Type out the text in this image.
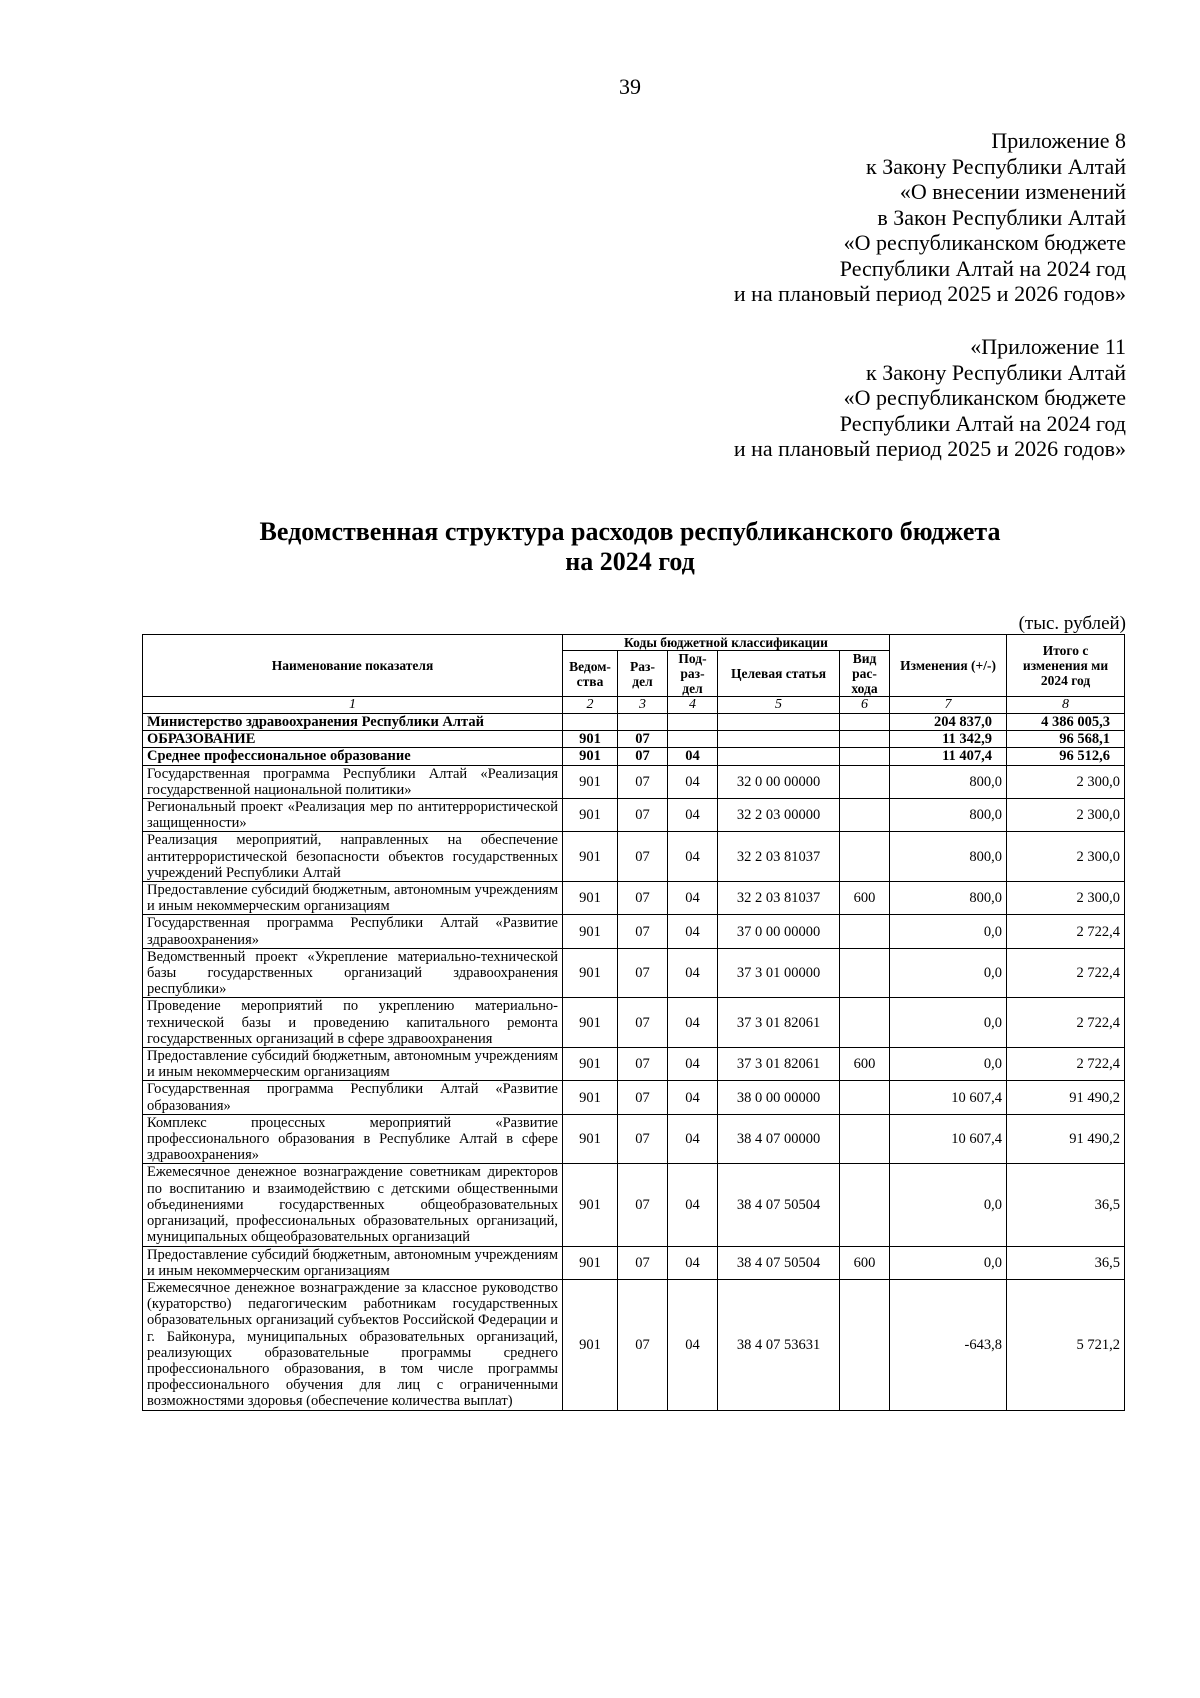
39
Приложение 8
к Закону Республики Алтай
«О внесении изменений
в Закон Республики Алтай
«О республиканском бюджете
Республики Алтай на 2024 год
и на плановый период 2025 и 2026 годов»
«Приложение 11
к Закону Республики Алтай
«О республиканском бюджете
Республики Алтай на 2024 год
и на плановый период 2025 и 2026 годов»
Ведомственная структура расходов республиканского бюджета
на 2024 год
(тыс. рублей)
Наименование показателя	Коды бюджетной классификации					Изменения (+/-)	Итого с изменения ми 2024 год
	Ведом-ства	Раз-дел	Под-раз-дел	Целевая статья	Вид рас-хода		
1	2	3	4	5	6	7	8
Министерство здравоохранения Республики Алтай						204 837,0	4 386 005,3
ОБРАЗОВАНИЕ	901	07				11 342,9	96 568,1
Среднее профессиональное образование	901	07	04			11 407,4	96 512,6
Государственная программа Республики Алтай «Реализация государственной национальной политики»	901	07	04	32 0 00 00000		800,0	2 300,0
Региональный проект «Реализация мер по антитеррористической защищенности»	901	07	04	32 2 03 00000		800,0	2 300,0
Реализация мероприятий, направленных на обеспечение антитеррористической безопасности объектов государственных учреждений Республики Алтай	901	07	04	32 2 03 81037		800,0	2 300,0
Предоставление субсидий бюджетным, автономным учреждениям и иным некоммерческим организациям	901	07	04	32 2 03 81037	600	800,0	2 300,0
Государственная программа Республики Алтай «Развитие здравоохранения»	901	07	04	37 0 00 00000		0,0	2 722,4
Ведомственный проект «Укрепление материально-технической базы государственных организаций здравоохранения республики»	901	07	04	37 3 01 00000		0,0	2 722,4
Проведение мероприятий по укреплению материально-технической базы и проведению капитального ремонта государственных организаций в сфере здравоохранения	901	07	04	37 3 01 82061		0,0	2 722,4
Предоставление субсидий бюджетным, автономным учреждениям и иным некоммерческим организациям	901	07	04	37 3 01 82061	600	0,0	2 722,4
Государственная программа Республики Алтай «Развитие образования»	901	07	04	38 0 00 00000		10 607,4	91 490,2
Комплекс процессных мероприятий «Развитие профессионального образования в Республике Алтай в сфере здравоохранения»	901	07	04	38 4 07 00000		10 607,4	91 490,2
Ежемесячное денежное вознаграждение советникам директоров по воспитанию и взаимодействию с детскими общественными объединениями государственных общеобразовательных организаций, профессиональных образовательных организаций, муниципальных общеобразовательных организаций	901	07	04	38 4 07 50504		0,0	36,5
Предоставление субсидий бюджетным, автономным учреждениям и иным некоммерческим организациям	901	07	04	38 4 07 50504	600	0,0	36,5
Ежемесячное денежное вознаграждение за классное руководство (кураторство) педагогическим работникам государственных образовательных организаций субъектов Российской Федерации и г. Байконура, муниципальных образовательных организаций, реализующих образовательные программы среднего профессионального образования, в том числе программы профессионального обучения для лиц с ограниченными возможностями здоровья (обеспечение количества выплат)	901	07	04	38 4 07 53631		-643,8	5 721,2
